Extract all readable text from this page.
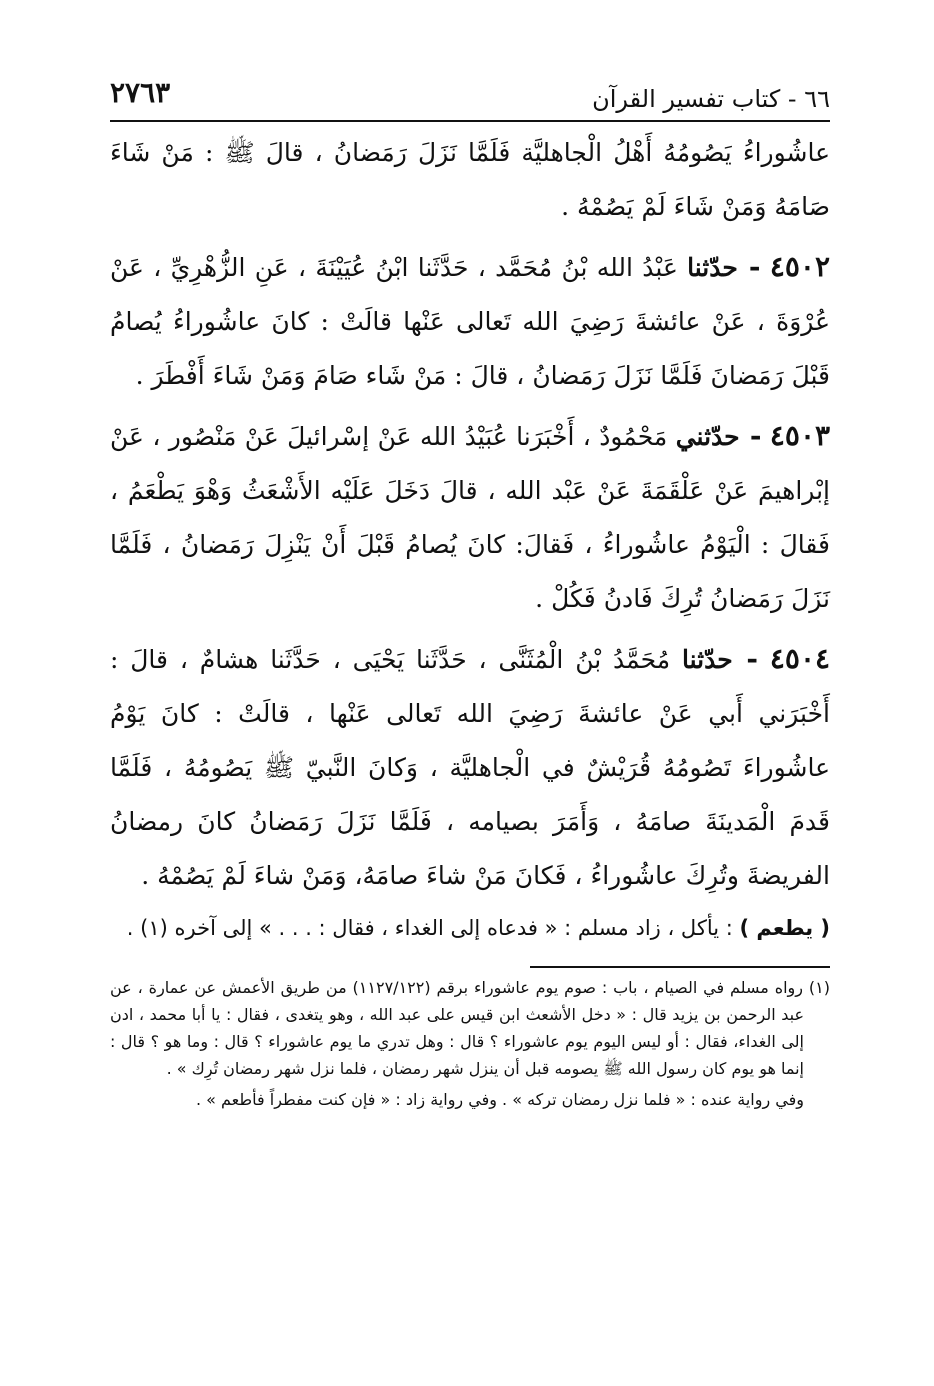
٦٦ - كتاب تفسير القرآن
٢٧٦٣

عاشُوراءُ يَصُومُهُ أَهْلُ الْجاهليَّة فَلَمَّا نَزَلَ رَمَضانُ ، قالَ ﷺ : مَنْ شَاءَ صَامَهُ وَمَنْ شَاءَ لَمْ يَصُمْهُ .

٤٥٠٢ - حدّثنا عَبْدُ الله بْنُ مُحَمَّد ، حَدَّثَنا ابْنُ عُيَيْنَةَ ، عَنِ الزُّهْرِيِّ ، عَنْ عُرْوَةَ ، عَنْ عائشةَ رَضِيَ الله تَعالى عَنْها قالَتْ : كانَ عاشُوراءُ يُصامُ قَبْلَ رَمَضانَ فَلَمَّا نَزَلَ رَمَضانُ ، قالَ : مَنْ شَاء صَامَ وَمَنْ شَاءَ أَفْطَرَ .

٤٥٠٣ - حدّثني مَحْمُودٌ ، أَخْبَرَنا عُبَيْدُ الله عَنْ إسْرائيلَ عَنْ مَنْصُور ، عَنْ إبْراهيمَ عَنْ عَلْقَمَةَ عَنْ عَبْد الله ، قالَ دَخَلَ عَلَيْه الأَشْعَثُ وَهْوَ يَطْعَمُ ، فَقالَ : الْيَوْمُ عاشُوراءُ ، فَقالَ: كانَ يُصامُ قَبْلَ أَنْ يَنْزِلَ رَمَضانُ ، فَلَمَّا نَزَلَ رَمَضانُ تُرِكَ فَادنُ فَكُلْ .

٤٥٠٤ - حدّثنا مُحَمَّدُ بْنُ الْمُثَنَّى ، حَدَّثَنا يَحْيَى ، حَدَّثَنا هشامٌ ، قالَ : أَخْبَرَني أَبي عَنْ عائشةَ رَضِيَ الله تَعالى عَنْها ، قالَتْ : كانَ يَوْمُ عاشُوراءَ تَصُومُهُ قُرَيْشٌ في الْجاهليَّة ، وَكانَ النَّبيّ ﷺ يَصُومُهُ ، فَلَمَّا قَدمَ الْمَدينَةَ صامَهُ ، وَأَمَرَ بصيامه ، فَلَمَّا نَزَلَ رَمَضانُ كانَ رمضانُ الفريضةَ وتُرِكَ عاشُوراءُ ، فَكانَ مَنْ شاءَ صامَهُ، وَمَنْ شاءَ لَمْ يَصُمْهُ .

( يطعم ) : يأكل ، زاد مسلم : « فدعاه إلى الغداء ، فقال : . . . » إلى آخره (١) .

(١) رواه مسلم في الصيام ، باب : صوم يوم عاشوراء برقم (١١٢٧/١٢٢) من طريق الأعمش عن عمارة ، عن عبد الرحمن بن يزيد قال : « دخل الأشعث ابن قيس على عبد الله ، وهو يتغدى ، فقال : يا أبا محمد ، ادن إلى الغداء، فقال : أو ليس اليوم يوم عاشوراء ؟ قال : وهل تدري ما يوم عاشوراء ؟ قال : وما هو ؟ قال : إنما هو يوم كان رسول الله ﷺ يصومه قبل أن ينزل شهر رمضان ، فلما نزل شهر رمضان تُرِك » .

وفي رواية عنده : « فلما نزل رمضان تركه » . وفي رواية زاد : « فإن كنت مفطراً فأطعم » .
